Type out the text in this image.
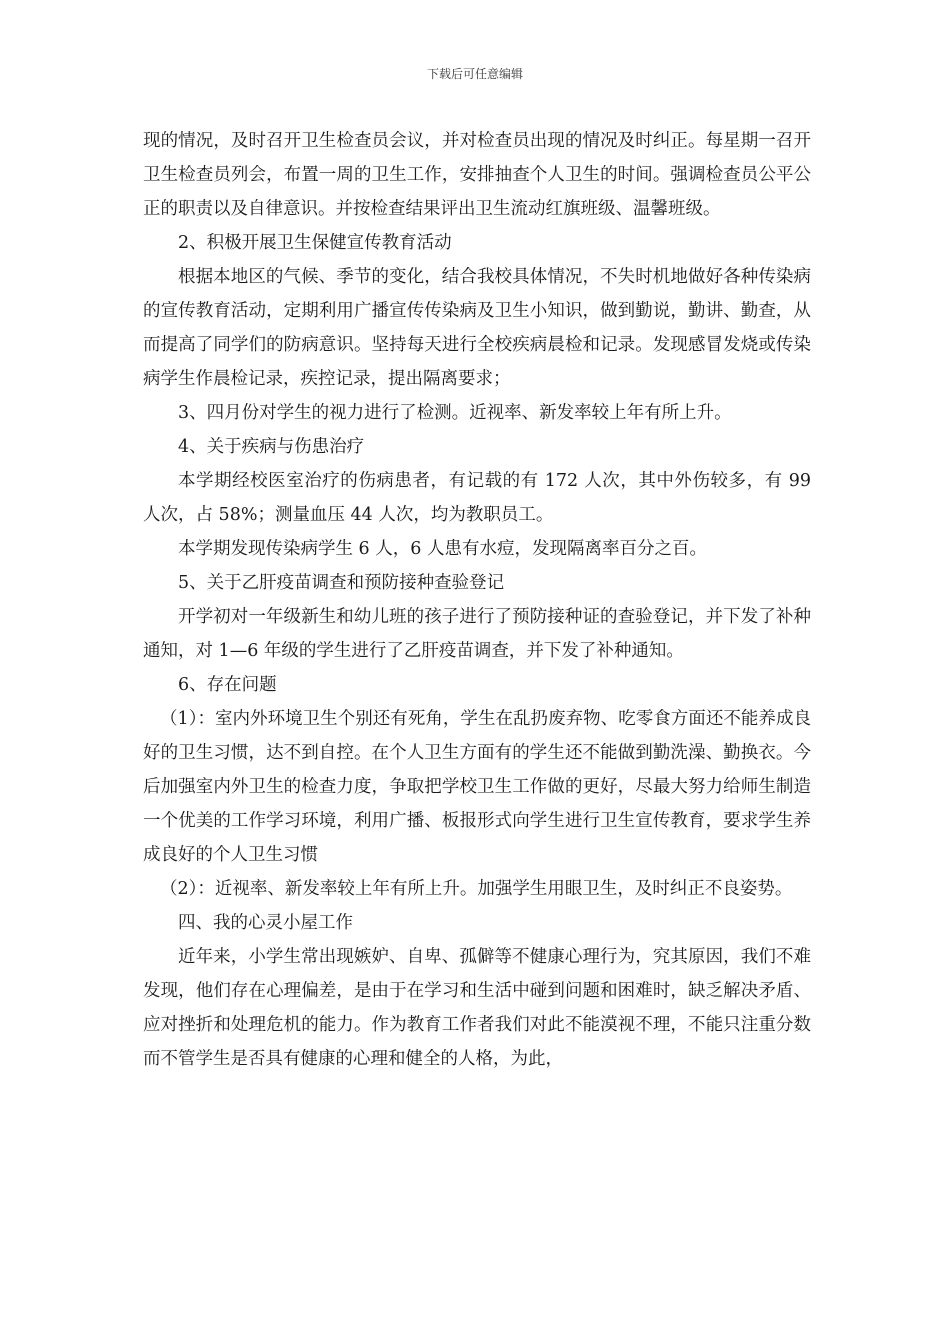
下载后可任意编辑

现的情况，及时召开卫生检查员会议，并对检查员出现的情况及时纠正。每星期一召开卫生检查员列会，布置一周的卫生工作，安排抽查个人卫生的时间。强调检查员公平公正的职责以及自律意识。并按检查结果评出卫生流动红旗班级、温馨班级。

2、积极开展卫生保健宣传教育活动

根据本地区的气候、季节的变化，结合我校具体情况，不失时机地做好各种传染病的宣传教育活动，定期利用广播宣传传染病及卫生小知识，做到勤说，勤讲、勤查，从而提高了同学们的防病意识。坚持每天进行全校疾病晨检和记录。发现感冒发烧或传染病学生作晨检记录，疾控记录，提出隔离要求；

3、四月份对学生的视力进行了检测。近视率、新发率较上年有所上升。

4、关于疾病与伤患治疗

本学期经校医室治疗的伤病患者，有记载的有 172 人次，其中外伤较多，有 99 人次，占 58%；测量血压 44 人次，均为教职员工。

本学期发现传染病学生 6 人，6 人患有水痘，发现隔离率百分之百。

5、关于乙肝疫苗调查和预防接种查验登记

开学初对一年级新生和幼儿班的孩子进行了预防接种证的查验登记，并下发了补种通知，对 1—6 年级的学生进行了乙肝疫苗调查，并下发了补种通知。

6、存在问题

（1）：室内外环境卫生个别还有死角，学生在乱扔废弃物、吃零食方面还不能养成良好的卫生习惯，达不到自控。在个人卫生方面有的学生还不能做到勤洗澡、勤换衣。今后加强室内外卫生的检查力度，争取把学校卫生工作做的更好，尽最大努力给师生制造一个优美的工作学习环境，利用广播、板报形式向学生进行卫生宣传教育，要求学生养成良好的个人卫生习惯

（2）：近视率、新发率较上年有所上升。加强学生用眼卫生，及时纠正不良姿势。

四、我的心灵小屋工作

近年来，小学生常出现嫉妒、自卑、孤僻等不健康心理行为，究其原因，我们不难发现，他们存在心理偏差，是由于在学习和生活中碰到问题和困难时，缺乏解决矛盾、应对挫折和处理危机的能力。作为教育工作者我们对此不能漠视不理，不能只注重分数而不管学生是否具有健康的心理和健全的人格，为此，
